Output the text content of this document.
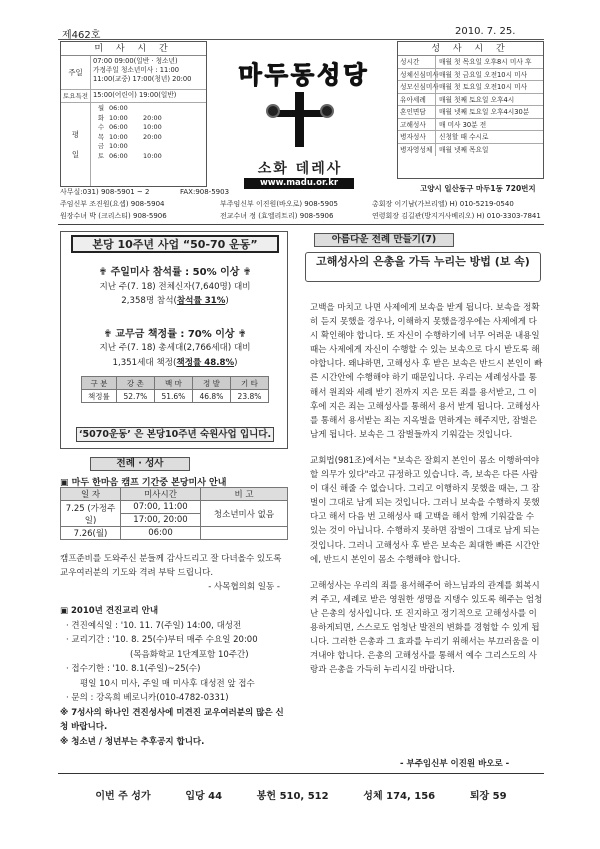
제462호	2010. 7. 25.
미 사 시 간
주일
07:00 09:00(일반 · 청소년)
가정주일 청소년미사 : 11:00
11:00(교중) 17:00(청년) 20:00
토요특전 15:00(어린이) 19:00(일반)
평

일
월 06:00
화 10:00	20:00
수 06:00	10:00
목 10:00	20:00
금 10:00
토 06:00	10:00
마두동성당
소화 데레사
www.madu.or.kr
성 사 시 간
성시간	매월 첫 목요일 오후8시 미사 후
성체신심미사 매월 첫 금요일 오전10시 미사
성모신심미사 매월 첫 토요일 오전10시 미사
유아세례	매월 첫째 토요일 오후4시
혼인면담	매월 넷째 토요일 오후4시30분
고해성사	매 미사 30분 전
병자성사	신청할 때 수시로
병자영성체 매월 넷째 목요일
고양시 일산동구 마두1동 720번지
사무실:031) 908-5901 ~ 2	FAX:908-5903
주임신부 조진원(요셉) 908-5904	부주임신부 이진원(바오로) 908-5905	총회장 이기남(가브리엘) H) 010-5219-0540
원장수녀 박 (크리스티) 908-5906	전교수녀 정 (효엘리트리) 908-5906	연령회장 김길관(방지거사베리오) H) 010-3303-7841
본당 10주년 사업 “50-70 운동”
✟ 주일미사 참석률 : 50% 이상 ✟
지난 주(7. 18) 전체신자(7,640명) 대비
2,358명 참석(참석률 31%)
✟ 교무금 책정률 : 70% 이상 ✟
지난 주(7. 18) 총세대(2,766세대) 대비
1,351세대 책정(책정률 48.8%)
구 분	강 촌	백 마	정 발	기 타
책정률	52.7%	51.6%	46.8%	23.8%
‘5070운동’ 은 본당10주년 숙원사업 입니다.
전례 · 성사
▣ 마두 한마음 캠프 기간중 본당미사 안내
일 자	미사시간	비 고
7.25 (가정주일)	07:00, 11:00	청소년미사 없음
	17:00, 20:00	
7.26(월)	06:00	
캠프준비를 도와주신 분들께 감사드리고 잘 다녀올수 있도록 교우여러분의 기도와 격려 부탁 드립니다.
- 사목협의회 일동 -
▣ 2010년 견진교리 안내
· 견진예식일 : '10. 11. 7(주일) 14:00, 대성전
· 교리기간 : '10. 8. 25(수)부터 매주 수요일 20:00
(목음화학교 1단계포함 10주간)
· 접수기한 : '10. 8.1(주일)~25(수)
평일 10시 미사, 주일 매 미사후 대성전 앞 접수
· 문의 : 강옥희 베로니카(010-4782-0331)
※ 7성사의 하나인 견진성사에 미견진 교우여러분의 많은 신청 바랍니다.
※ 청소년 / 청년부는 추후공지 합니다.
아름다운 전례 만들기(7)
고해성사의 은총을 가득 누리는 방법 (보 속)

고백을 마치고 나면 사제에게 보속을 받게 됩니다. 보속을 정확히 듣지 못했을 경우나, 이해하지 못했을경우에는 사제에게 다시 확인해야 합니다. 또 자신이 수행하기에 너무 어려운 내용일 때는 사제에게 자신이 수행할 수 있는 보속으로 다시 받도록 해야합니다. 왜냐하면, 고해성사 후 받은 보속은 반드시 본인이 빠른 시간안에 수행해야 하기 때문입니다. 우리는 세례성사를 통해서 원죄와 세례 받기 전까지 지은 모든 죄를 용서받고, 그 이후에 지은 죄는 고해성사를 통해서 용서 받게 됩니다. 고해성사를 통해서 용서받는 죄는 지옥벌을 면하게는 해주지만, 잠벌은 남게 됩니다. 보속은 그 잠벌들까지 기워갚는 것입니다.

교회법(981조)에서는 "보속은 잘회지 본인이 몸소 이행하여야 할 의무가 있다"라고 규정하고 있습니다. 즉, 보속은 다른 사람이 대신 해줄 수 없습니다. 그리고 이행하지 못했을 때는, 그 잠벌이 그대로 남게 되는 것입니다. 그러니 보속을 수행하지 못했다고 해서 다음 번 고해성사 때 고백을 해서 함께 기워갚을 수 있는 것이 아닙니다. 수행하지 못하면 잠벌이 그대로 남게 되는 것입니다. 그러니 고해성사 후 받은 보속은 최대한 빠른 시간안에, 반드시 본인이 몸소 수행해야 합니다.

고해성사는 우리의 죄를 용서해주어 하느님과의 관계를 회복시켜 주고, 세례로 받은 영원한 생명을 지탱수 있도록 해주는 엄청난 은총의 성사입니다. 또 진지하고 정기적으로 고해성사를 이용하게되면, 스스로도 엄청난 발전의 변화를 경험할 수 있게 됩니다. 그러한 은총과 그 효과를 누리기 위해서는 부끄러움을 이겨내야 합니다. 은총의 고해성사를 통해서 예수 그리스도의 사랑과 은총을 가득히 누리시길 바랍니다.

- 부주임신부 이진원 바오로 -
이번 주 성가	입당 44	봉헌 510, 512	성체 174, 156	퇴장 59
